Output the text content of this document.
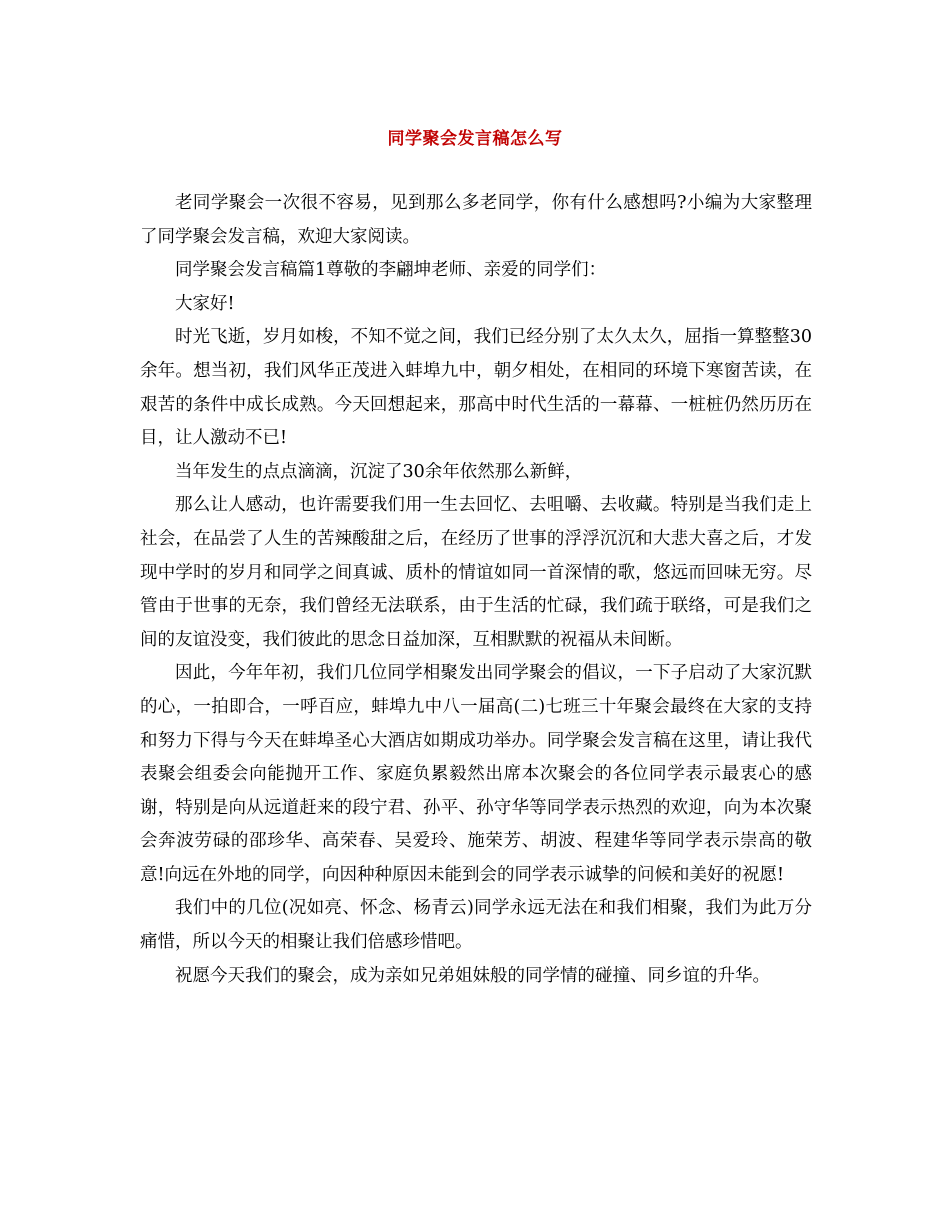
同学聚会发言稿怎么写

老同学聚会一次很不容易，见到那么多老同学，你有什么感想吗?小编为大家整理了同学聚会发言稿，欢迎大家阅读。

同学聚会发言稿篇1尊敬的李翩坤老师、亲爱的同学们：

大家好!

时光飞逝，岁月如梭，不知不觉之间，我们已经分别了太久太久，屈指一算整整30余年。想当初，我们风华正茂进入蚌埠九中，朝夕相处，在相同的环境下寒窗苦读，在艰苦的条件中成长成熟。今天回想起来，那高中时代生活的一幕幕、一桩桩仍然历历在目，让人激动不已!

当年发生的点点滴滴，沉淀了30余年依然那么新鲜，

那么让人感动，也许需要我们用一生去回忆、去咀嚼、去收藏。特别是当我们走上社会，在品尝了人生的苦辣酸甜之后，在经历了世事的浮浮沉沉和大悲大喜之后，才发现中学时的岁月和同学之间真诚、质朴的情谊如同一首深情的歌，悠远而回味无穷。尽管由于世事的无奈，我们曾经无法联系，由于生活的忙碌，我们疏于联络，可是我们之间的友谊没变，我们彼此的思念日益加深，互相默默的祝福从未间断。

因此，今年年初，我们几位同学相聚发出同学聚会的倡议，一下子启动了大家沉默的心，一拍即合，一呼百应，蚌埠九中八一届高(二)七班三十年聚会最终在大家的支持和努力下得与今天在蚌埠圣心大酒店如期成功举办。同学聚会发言稿在这里，请让我代表聚会组委会向能抛开工作、家庭负累毅然出席本次聚会的各位同学表示最衷心的感谢，特别是向从远道赶来的段宁君、孙平、孙守华等同学表示热烈的欢迎，向为本次聚会奔波劳碌的邵珍华、高荣春、吴爱玲、施荣芳、胡波、程建华等同学表示崇高的敬意!向远在外地的同学，向因种种原因未能到会的同学表示诚挚的问候和美好的祝愿!

我们中的几位(况如亮、怀念、杨青云)同学永远无法在和我们相聚，我们为此万分痛惜，所以今天的相聚让我们倍感珍惜吧。

祝愿今天我们的聚会，成为亲如兄弟姐妹般的同学情的碰撞、同乡谊的升华。
